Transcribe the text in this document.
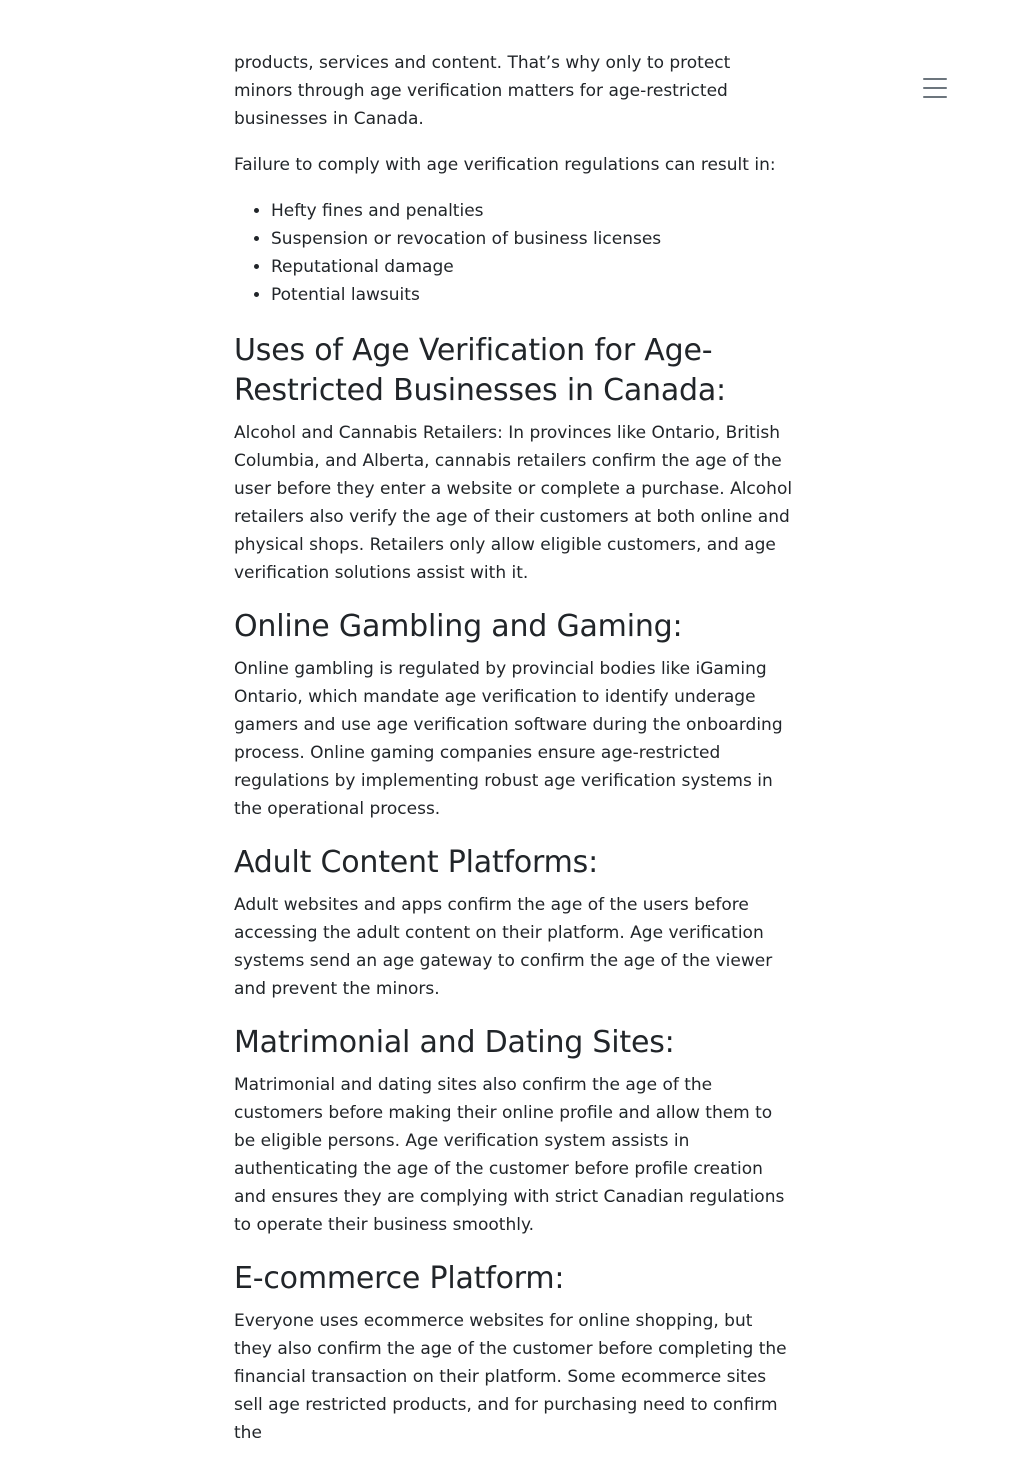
products, services and content. That’s why only to protect minors through age verification matters for age-restricted businesses in Canada.

Failure to comply with age verification regulations can result in:

• Hefty fines and penalties
• Suspension or revocation of business licenses
• Reputational damage
• Potential lawsuits
Uses of Age Verification for Age-Restricted Businesses in Canada:

Alcohol and Cannabis Retailers: In provinces like Ontario, British Columbia, and Alberta, cannabis retailers confirm the age of the user before they enter a website or complete a purchase. Alcohol retailers also verify the age of their customers at both online and physical shops. Retailers only allow eligible customers, and age verification solutions assist with it.

Online Gambling and Gaming:

Online gambling is regulated by provincial bodies like iGaming Ontario, which mandate age verification to identify underage gamers and use age verification software during the onboarding process. Online gaming companies ensure age-restricted regulations by implementing robust age verification systems in the operational process.

Adult Content Platforms:

Adult websites and apps confirm the age of the users before accessing the adult content on their platform. Age verification systems send an age gateway to confirm the age of the viewer and prevent the minors.

Matrimonial and Dating Sites:

Matrimonial and dating sites also confirm the age of the customers before making their online profile and allow them to be eligible persons. Age verification system assists in authenticating the age of the customer before profile creation and ensures they are complying with strict Canadian regulations to operate their business smoothly.

E-commerce Platform:

Everyone uses ecommerce websites for online shopping, but they also confirm the age of the customer before completing the financial transaction on their platform. Some ecommerce sites sell age restricted products, and for purchasing need to confirm the
